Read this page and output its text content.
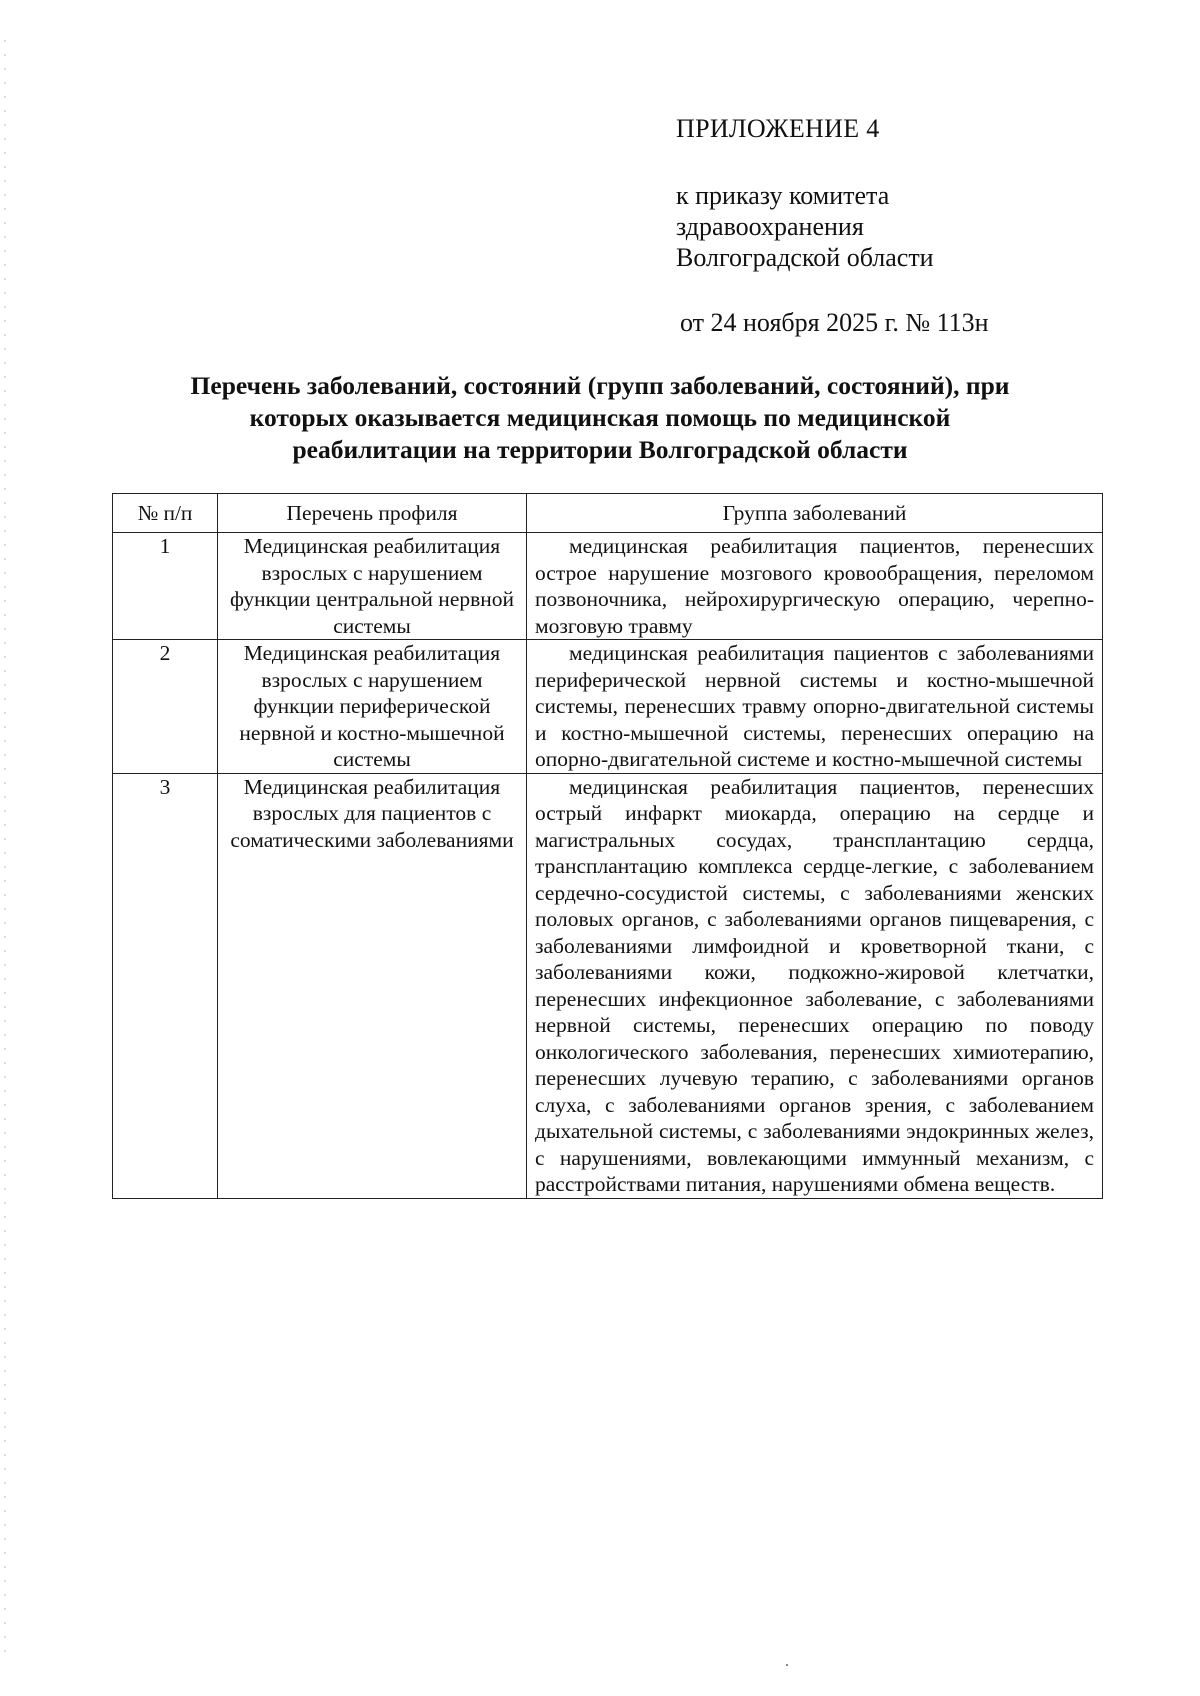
ПРИЛОЖЕНИЕ 4
к приказу комитета
здравоохранения
Волгоградской области
от 24 ноября 2025 г. № 113н
Перечень заболеваний, состояний (групп заболеваний, состояний), при
которых оказывается медицинская помощь по медицинской
реабилитации на территории Волгоградской области
№ п/п	Перечень профиля	Группа заболеваний
1	Медицинская реабилитация взрослых с нарушением функции центральной нервной системы	медицинская реабилитация пациентов, перенесших острое нарушение мозгового кровообращения, переломом позвоночника, нейрохирургическую операцию, черепно-мозговую травму

2	Медицинская реабилитация взрослых с нарушением функции периферической нервной и костно-мышечной системы	медицинская реабилитация пациентов с заболеваниями периферической нервной системы и костно-мышечной системы, перенесших травму опорно-двигательной системы и костно-мышечной системы, перенесших операцию на опорно-двигательной системе и костно-мышечной системы

3	Медицинская реабилитация взрослых для пациентов с соматическими заболеваниями	медицинская реабилитация пациентов, перенесших острый инфаркт миокарда, операцию на сердце и магистральных сосудах, трансплантацию сердца, трансплантацию комплекса сердце-легкие, с заболеванием сердечно-сосудистой системы, с заболеваниями женских половых органов, с заболеваниями органов пищеварения, с заболеваниями лимфоидной и кроветворной ткани, с заболеваниями кожи, подкожно-жировой клетчатки, перенесших инфекционное заболевание, с заболеваниями нервной системы, перенесших операцию по поводу онкологического заболевания, перенесших химиотерапию, перенесших лучевую терапию, с заболеваниями органов слуха, с заболеваниями органов зрения, с заболеванием дыхательной системы, с заболеваниями эндокринных желез, с нарушениями, вовлекающими иммунный механизм, с расстройствами питания, нарушениями обмена веществ.
